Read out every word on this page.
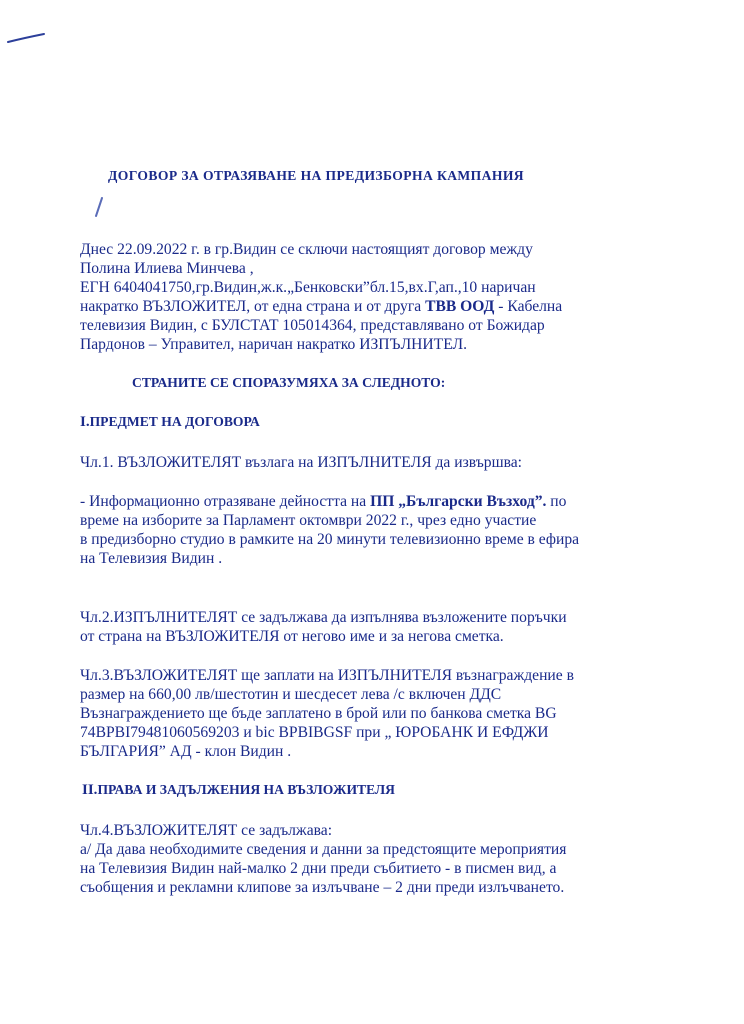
ДОГОВОР ЗА ОТРАЗЯВАНЕ НА ПРЕДИЗБОРНА КАМПАНИЯ
Днес 22.09.2022 г. в гр.Видин се сключи настоящият договор между
Полина Илиева Минчева ,
ЕГН 6404041750,гр.Видин,ж.к.„Бенковски”бл.15,вх.Г,ап.,10 наричан
накратко ВЪЗЛОЖИТЕЛ, от една страна и от друга ТВВ ООД - Кабелна
телевизия Видин, с БУЛСТАТ 105014364, представлявано от Божидар
Пардонов – Управител, наричан накратко ИЗПЪЛНИТЕЛ.
СТРАНИТЕ СЕ СПОРАЗУМЯХА ЗА СЛЕДНОТО:
I.ПРЕДМЕТ НА ДОГОВОРА
Чл.1. ВЪЗЛОЖИТЕЛЯТ възлага на ИЗПЪЛНИТЕЛЯ да извършва:
- Информационно отразяване дейността на ПП „Български Възход”. по
време на изборите за Парламент октомври 2022 г., чрез едно участие
в предизборно студио в рамките на 20 минути телевизионно време в ефира
на Телевизия Видин .
Чл.2.ИЗПЪЛНИТЕЛЯТ се задължава да изпълнява възложените поръчки
от страна на ВЪЗЛОЖИТЕЛЯ от негово име и за негова сметка.
Чл.3.ВЪЗЛОЖИТЕЛЯТ ще заплати на ИЗПЪЛНИТЕЛЯ възнаграждение в
размер на 660,00 лв/шестотин и шесдесет лева /с включен ДДС
Възнаграждението ще бъде заплатено в брой или по банкова сметка BG
74BPBI79481060569203 и bic BPBIBGSF при „ ЮРОБАНК И ЕФДЖИ
БЪЛГАРИЯ” АД - клон Видин .
II.ПРАВА И ЗАДЪЛЖЕНИЯ НА ВЪЗЛОЖИТЕЛЯ
Чл.4.ВЪЗЛОЖИТЕЛЯТ се задължава:
а/ Да дава необходимите сведения и данни за предстоящите мероприятия
на Телевизия Видин най-малко 2 дни преди събитието - в писмен вид, а
съобщения и рекламни клипове за излъчване – 2 дни преди излъчването.
